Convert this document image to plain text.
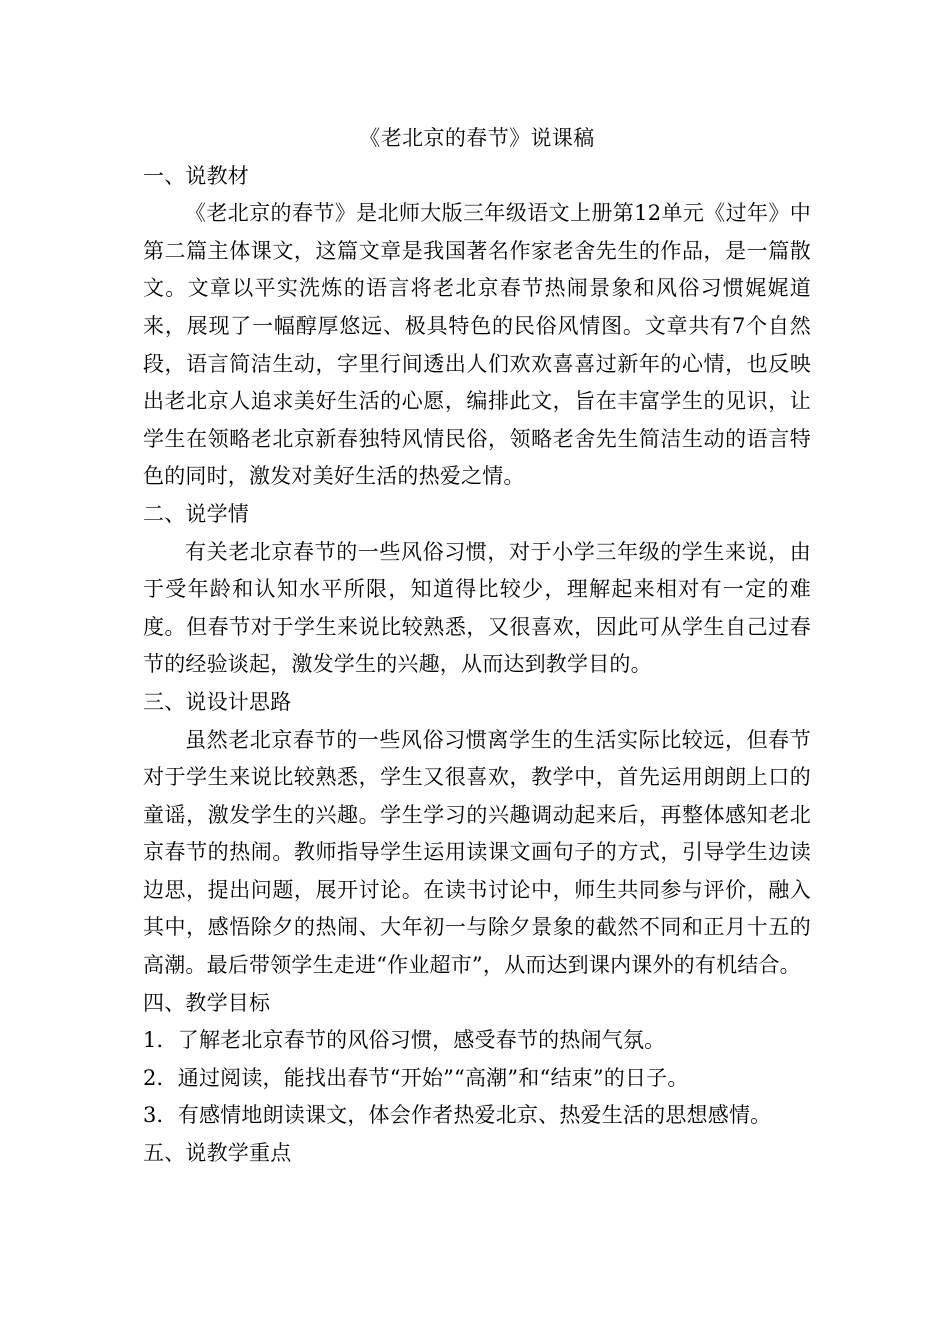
《老北京的春节》说课稿

一、说教材

《老北京的春节》是北师大版三年级语文上册第12单元《过年》中第二篇主体课文，这篇文章是我国著名作家老舍先生的作品，是一篇散文。文章以平实洗炼的语言将老北京春节热闹景象和风俗习惯娓娓道来，展现了一幅醇厚悠远、极具特色的民俗风情图。文章共有7个自然段，语言简洁生动，字里行间透出人们欢欢喜喜过新年的心情，也反映出老北京人追求美好生活的心愿，编排此文，旨在丰富学生的见识，让学生在领略老北京新春独特风情民俗，领略老舍先生简洁生动的语言特色的同时，激发对美好生活的热爱之情。

二、说学情

有关老北京春节的一些风俗习惯，对于小学三年级的学生来说，由于受年龄和认知水平所限，知道得比较少，理解起来相对有一定的难度。但春节对于学生来说比较熟悉，又很喜欢，因此可从学生自己过春节的经验谈起，激发学生的兴趣，从而达到教学目的。

三、说设计思路

虽然老北京春节的一些风俗习惯离学生的生活实际比较远，但春节对于学生来说比较熟悉，学生又很喜欢，教学中，首先运用朗朗上口的童谣，激发学生的兴趣。学生学习的兴趣调动起来后，再整体感知老北京春节的热闹。教师指导学生运用读课文画句子的方式，引导学生边读边思，提出问题，展开讨论。在读书讨论中，师生共同参与评价，融入其中，感悟除夕的热闹、大年初一与除夕景象的截然不同和正月十五的高潮。最后带领学生走进“作业超市”，从而达到课内课外的有机结合。

四、教学目标

1．了解老北京春节的风俗习惯，感受春节的热闹气氛。

2．通过阅读，能找出春节“开始”“高潮”和“结束”的日子。

3．有感情地朗读课文，体会作者热爱北京、热爱生活的思想感情。

五、说教学重点
